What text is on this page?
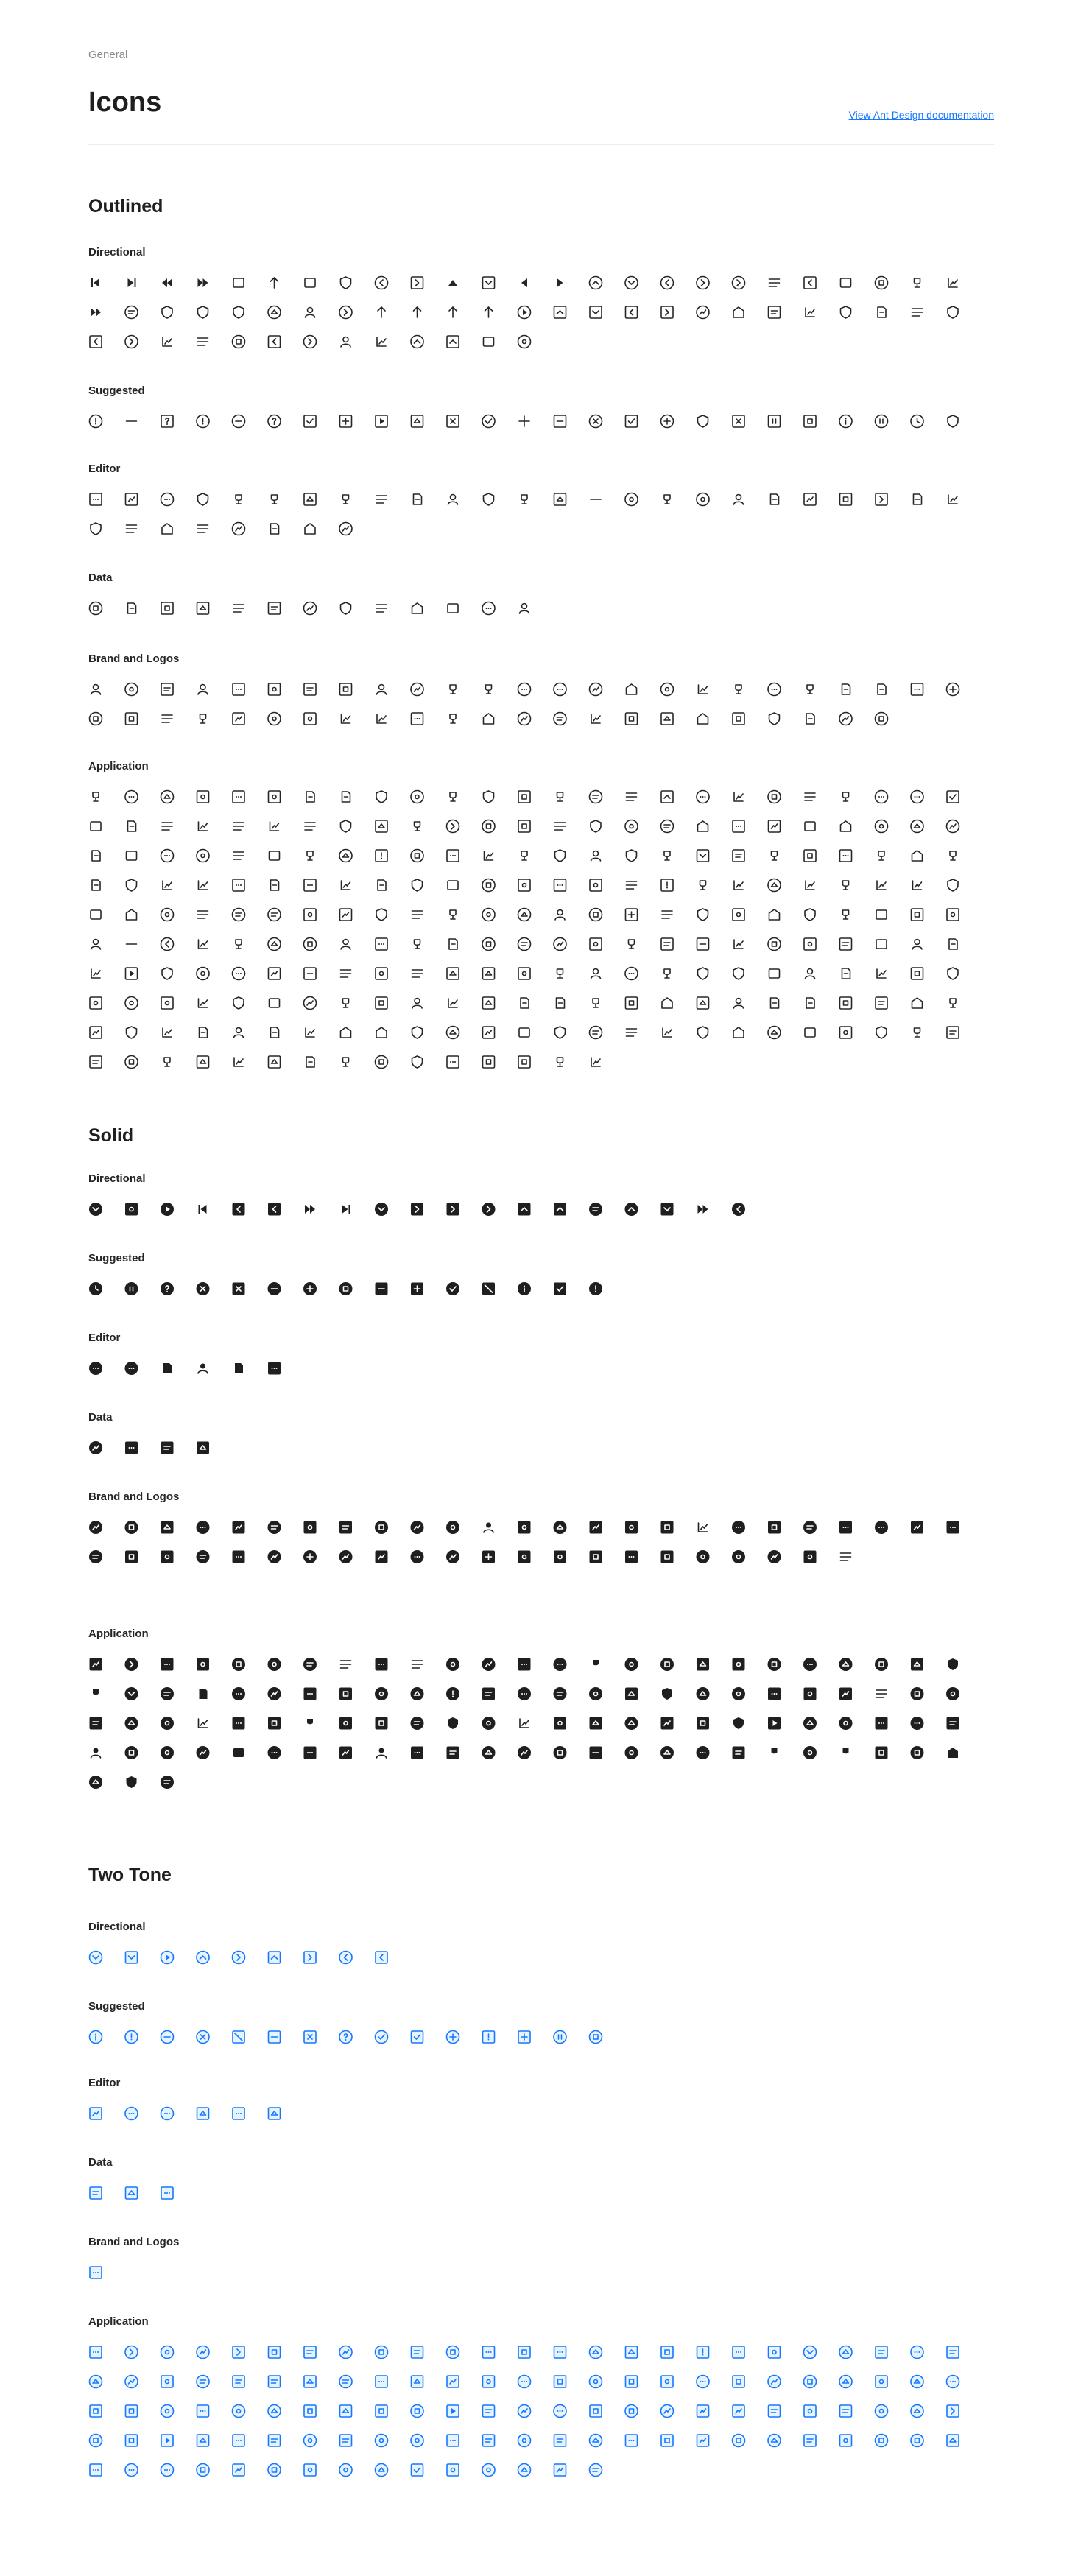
General
Icons	View Ant Design documentation
Outlined
Directional
Suggested
Editor
Data
Brand and Logos
Application
Solid
Directional
Suggested
Editor
Data
Brand and Logos
Application
Two Tone
Directional
Suggested
Editor
Data
Brand and Logos
Application
